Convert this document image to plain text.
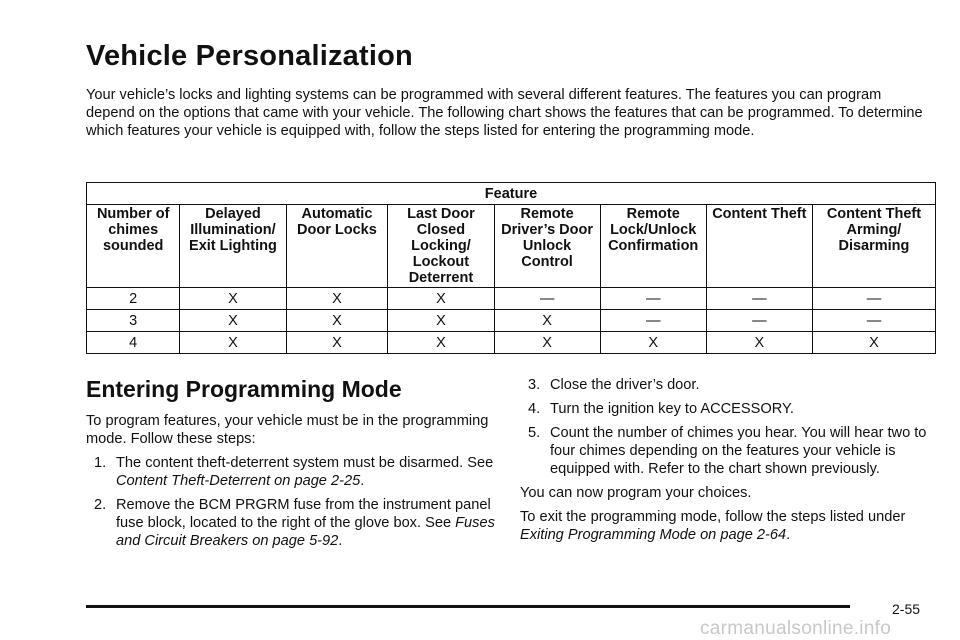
Vehicle Personalization

Your vehicle’s locks and lighting systems can be programmed with several different features. The features you can program depend on the options that came with your vehicle. The following chart shows the features that can be programmed. To determine which features your vehicle is equipped with, follow the steps listed for entering the programming mode.

Feature							
Number of chimes sounded	Delayed Illumination/ Exit Lighting	Automatic Door Locks	Last Door Closed Locking/ Lockout Deterrent	Remote Driver’s Door Unlock Control	Remote Lock/Unlock Confirmation	Content Theft	Content Theft Arming/ Disarming
2	X	X	X	—	—	—	—
3	X	X	X	X	—	—	—
4	X	X	X	X	X	X	X
Entering Programming Mode

To program features, your vehicle must be in the programming mode. Follow these steps:

1. The content theft-deterrent system must be disarmed. See Content Theft-Deterrent on page 2-25.
2. Remove the BCM PRGRM fuse from the instrument panel fuse block, located to the right of the glove box. See Fuses and Circuit Breakers on page 5-92.
3. Close the driver’s door.
4. Turn the ignition key to ACCESSORY.
5. Count the number of chimes you hear. You will hear two to four chimes depending on the features your vehicle is equipped with. Refer to the chart shown previously.

You can now program your choices.

To exit the programming mode, follow the steps listed under Exiting Programming Mode on page 2-64.

2-55
carmanualsonline.info
